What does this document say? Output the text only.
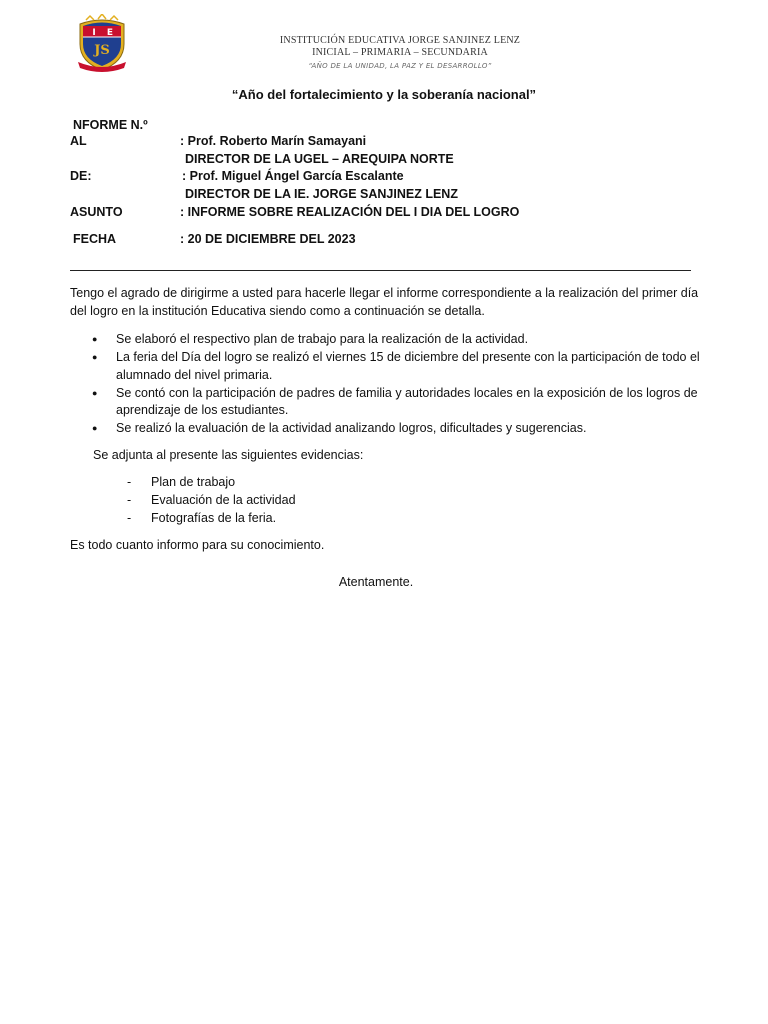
I E
JS
INSTITUCIÓN EDUCATIVA JORGE SANJINEZ LENZ
INICIAL – PRIMARIA – SECUNDARIA
“AÑO DE LA UNIDAD, LA PAZ Y EL DESARROLLO”
“Año del fortalecimiento y la soberanía nacional”
NFORME N.º
AL	: Prof. Roberto Marín Samayani
DIRECTOR DE LA UGEL – AREQUIPA NORTE
DE:	: Prof. Miguel Ángel García Escalante
DIRECTOR DE LA IE. JORGE SANJINEZ LENZ
ASUNTO	: INFORME SOBRE REALIZACIÓN DEL I DIA DEL LOGRO
FECHA	: 20 DE DICIEMBRE DEL 2023
Tengo el agrado de dirigirme a usted para hacerle llegar el informe correspondiente a la realización del primer día del logro en la institución Educativa siendo como a continuación se detalla.
● Se elaboró el respectivo plan de trabajo para la realización de la actividad.
● La feria del Día del logro se realizó el viernes 15 de diciembre del presente con la participación de todo el alumnado del nivel primaria.
● Se contó con la participación de padres de familia y autoridades locales en la exposición de los logros de aprendizaje de los estudiantes.
● Se realizó la evaluación de la actividad analizando logros, dificultades y sugerencias.
Se adjunta al presente las siguientes evidencias:
- Plan de trabajo
- Evaluación de la actividad
- Fotografías de la feria.
Es todo cuanto informo para su conocimiento.
Atentamente.
